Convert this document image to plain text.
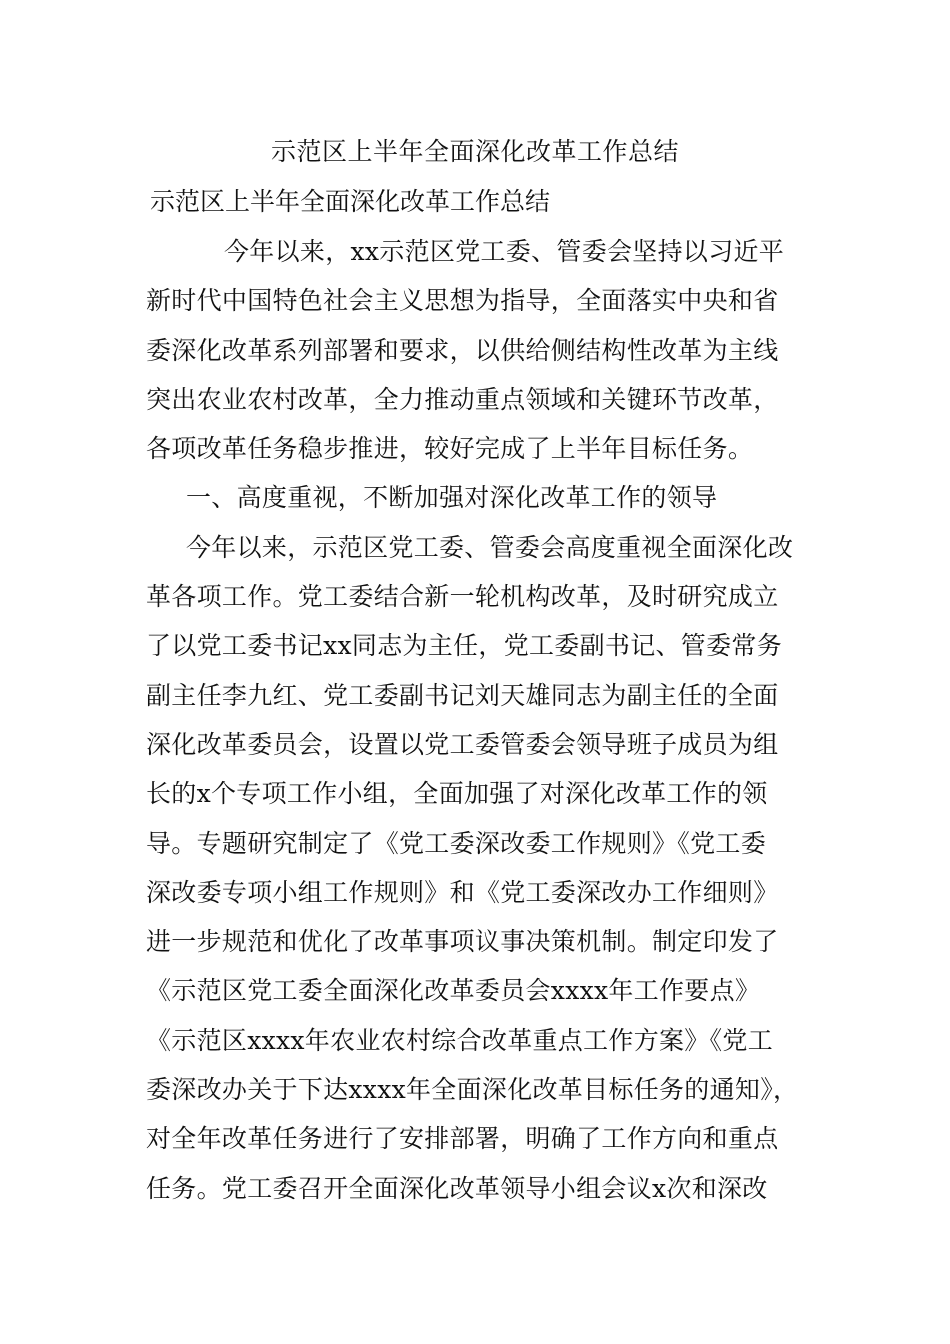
示范区上半年全面深化改革工作总结
示范区上半年全面深化改革工作总结
今年以来，xx示范区党工委、管委会坚持以习近平
新时代中国特色社会主义思想为指导，全面落实中央和省
委深化改革系列部署和要求，以供给侧结构性改革为主线
突出农业农村改革，全力推动重点领域和关键环节改革，
各项改革任务稳步推进，较好完成了上半年目标任务。
一、高度重视，不断加强对深化改革工作的领导
今年以来，示范区党工委、管委会高度重视全面深化改
革各项工作。党工委结合新一轮机构改革，及时研究成立
了以党工委书记xx同志为主任，党工委副书记、管委常务
副主任李九红、党工委副书记刘天雄同志为副主任的全面
深化改革委员会，设置以党工委管委会领导班子成员为组
长的x个专项工作小组，全面加强了对深化改革工作的领
导。专题研究制定了《党工委深改委工作规则》《党工委
深改委专项小组工作规则》和《党工委深改办工作细则》
进一步规范和优化了改革事项议事决策机制。制定印发了
《示范区党工委全面深化改革委员会xxxx年工作要点》
《示范区xxxx年农业农村综合改革重点工作方案》《党工
委深改办关于下达xxxx年全面深化改革目标任务的通知》，
对全年改革任务进行了安排部署，明确了工作方向和重点
任务。党工委召开全面深化改革领导小组会议x次和深改
